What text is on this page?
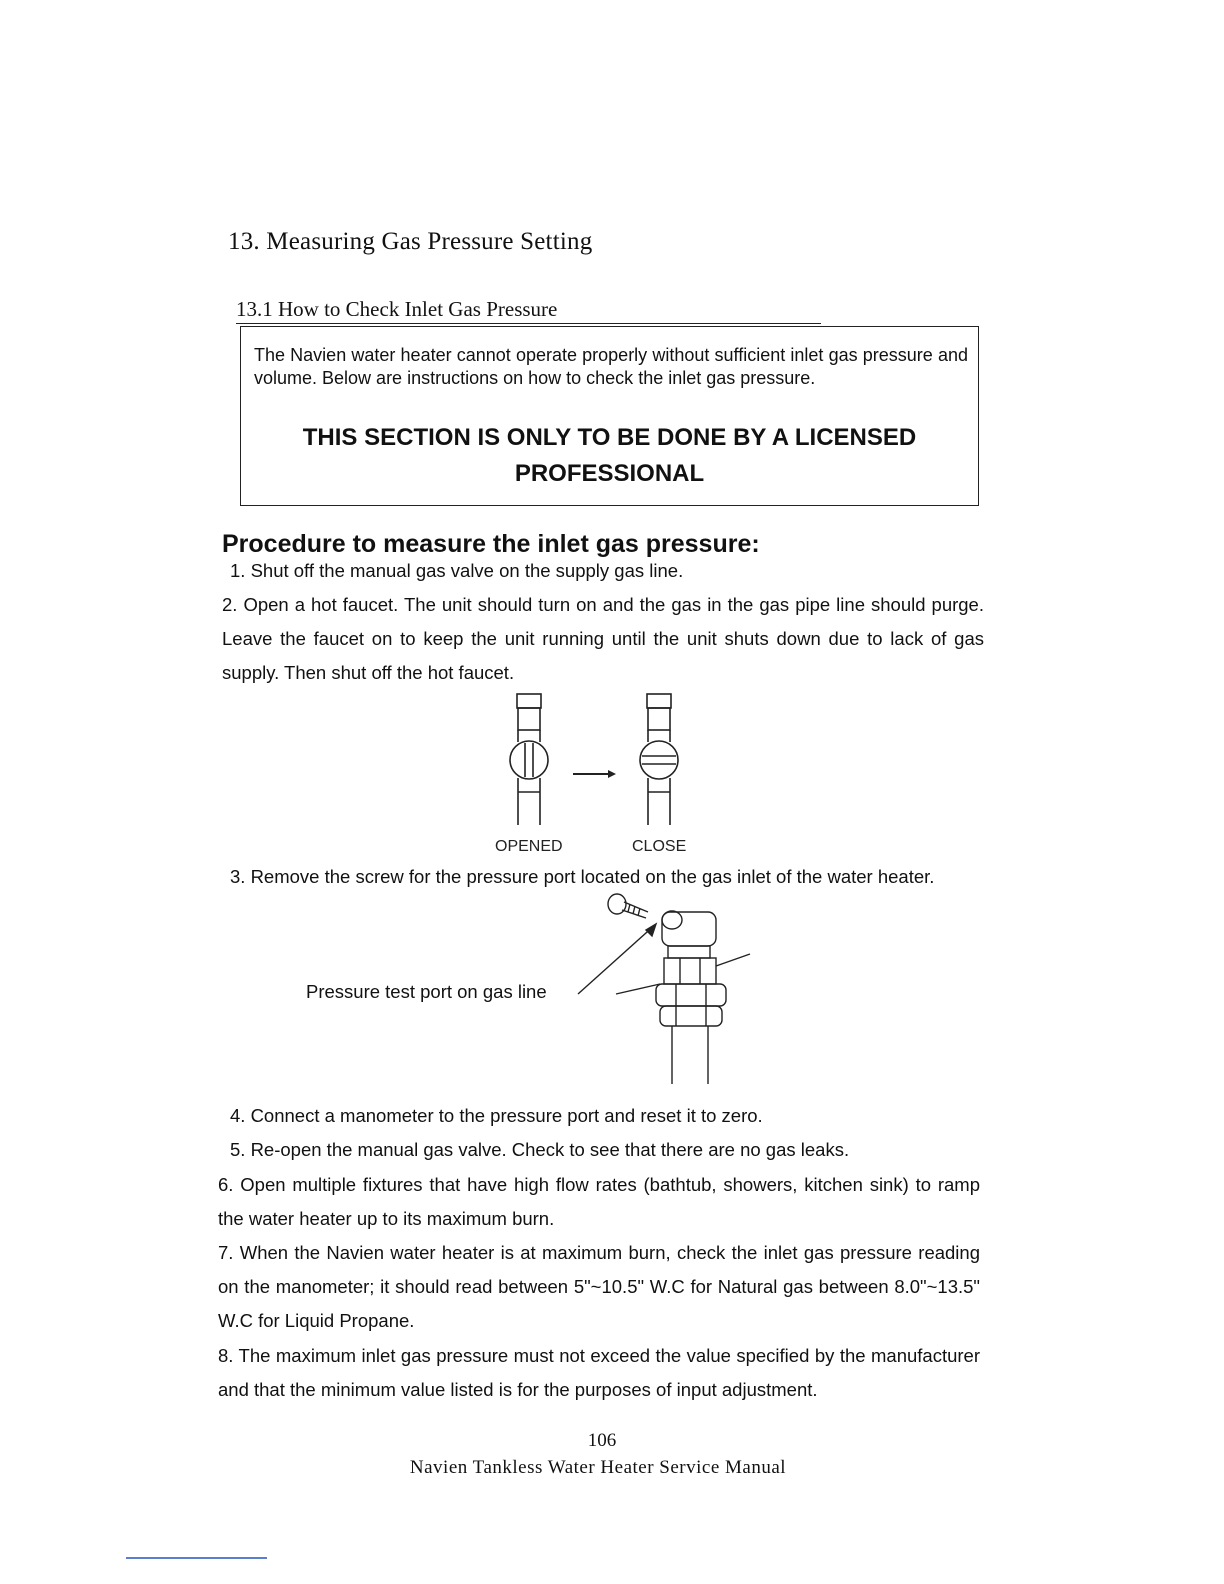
13. Measuring Gas Pressure Setting
13.1 How to Check Inlet Gas Pressure
The Navien water heater cannot operate properly without sufficient inlet gas pressure and volume. Below are instructions on how to check the inlet gas pressure.
THIS SECTION IS ONLY TO BE DONE BY A LICENSED
PROFESSIONAL
Procedure to measure the inlet gas pressure:
1. Shut off the manual gas valve on the supply gas line.
2. Open a hot faucet. The unit should turn on and the gas in the gas pipe line should purge. Leave the faucet on to keep the unit running until the unit shuts down due to lack of gas supply. Then shut off the hot faucet.
OPENED	CLOSE
3. Remove the screw for the pressure port located on the gas inlet of the water heater.
Pressure test port on gas line
4. Connect a manometer to the pressure port and reset it to zero.
5. Re-open the manual gas valve. Check to see that there are no gas leaks.
6. Open multiple fixtures that have high flow rates (bathtub, showers, kitchen sink) to ramp the water heater up to its maximum burn.
7. When the Navien water heater is at maximum burn, check the inlet gas pressure reading on the manometer; it should read between 5"~10.5" W.C for Natural gas between 8.0"~13.5" W.C for Liquid Propane.
8. The maximum inlet gas pressure must not exceed the value specified by the manufacturer and that the minimum value listed is for the purposes of input adjustment.
106
Navien Tankless Water Heater Service Manual
